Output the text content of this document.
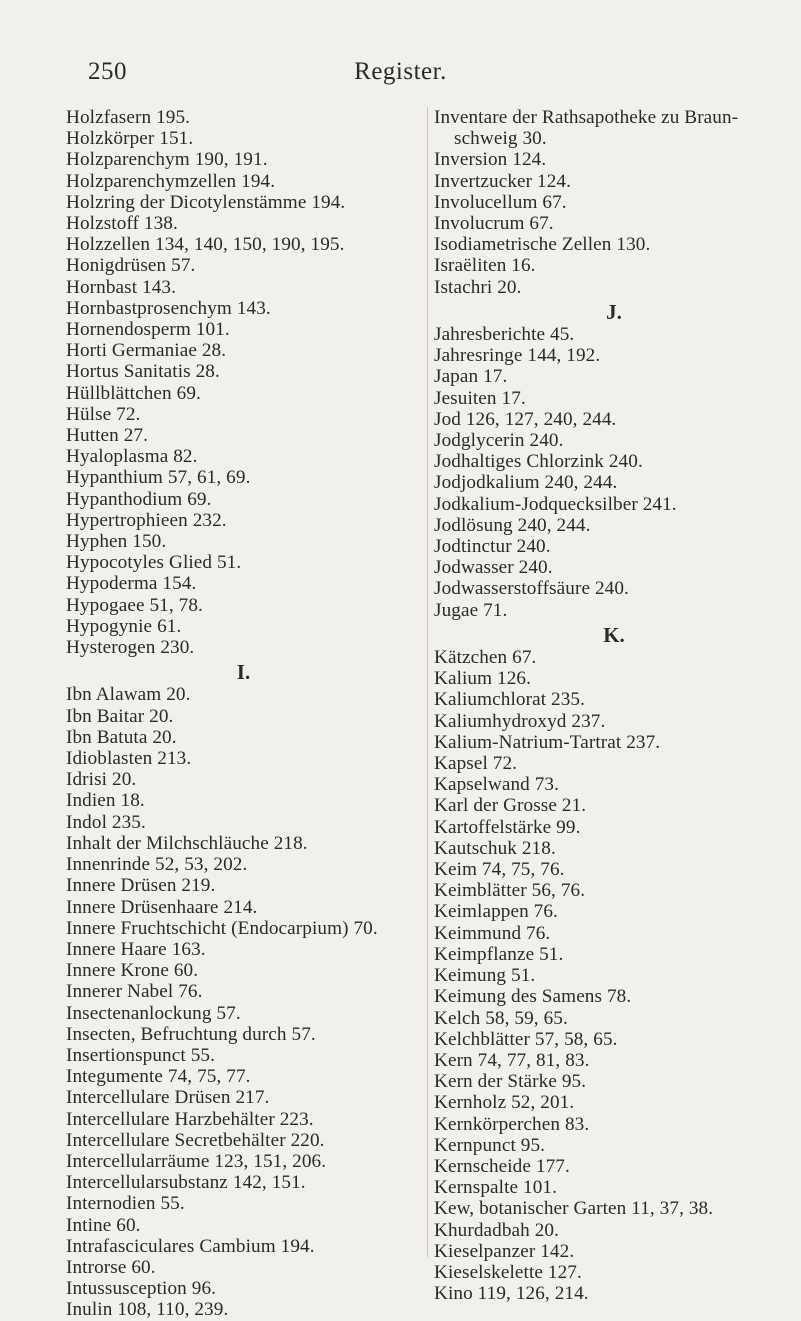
250	Register.
Holzfasern 195.
Holzkörper 151.
Holzparenchym 190, 191.
Holzparenchymzellen 194.
Holzring der Dicotylenstämme 194.
Holzstoff 138.
Holzzellen 134, 140, 150, 190, 195.
Honigdrüsen 57.
Hornbast 143.
Hornbastprosenchym 143.
Hornendosperm 101.
Horti Germaniae 28.
Hortus Sanitatis 28.
Hüllblättchen 69.
Hülse 72.
Hutten 27.
Hyaloplasma 82.
Hypanthium 57, 61, 69.
Hypanthodium 69.
Hypertrophieen 232.
Hyphen 150.
Hypocotyles Glied 51.
Hypoderma 154.
Hypogaee 51, 78.
Hypogynie 61.
Hysterogen 230.
I.
Ibn Alawam 20.
Ibn Baitar 20.
Ibn Batuta 20.
Idioblasten 213.
Idrisi 20.
Indien 18.
Indol 235.
Inhalt der Milchschläuche 218.
Innenrinde 52, 53, 202.
Innere Drüsen 219.
Innere Drüsenhaare 214.
Innere Fruchtschicht (Endocarpium) 70.
Innere Haare 163.
Innere Krone 60.
Innerer Nabel 76.
Insectenanlockung 57.
Insecten, Befruchtung durch 57.
Insertionspunct 55.
Integumente 74, 75, 77.
Intercellulare Drüsen 217.
Intercellulare Harzbehälter 223.
Intercellulare Secretbehälter 220.
Intercellularräume 123, 151, 206.
Intercellularsubstanz 142, 151.
Internodien 55.
Intine 60.
Intrafasciculares Cambium 194.
Introrse 60.
Intussusception 96.
Inulin 108, 110, 239.
Inventare der Rathsapotheke zu Braun-
schweig 30.
Inversion 124.
Invertzucker 124.
Involucellum 67.
Involucrum 67.
Isodiametrische Zellen 130.
Israëliten 16.
Istachri 20.
J.
Jahresberichte 45.
Jahresringe 144, 192.
Japan 17.
Jesuiten 17.
Jod 126, 127, 240, 244.
Jodglycerin 240.
Jodhaltiges Chlorzink 240.
Jodjodkalium 240, 244.
Jodkalium-Jodquecksilber 241.
Jodlösung 240, 244.
Jodtinctur 240.
Jodwasser 240.
Jodwasserstoffsäure 240.
Jugae 71.
K.
Kätzchen 67.
Kalium 126.
Kaliumchlorat 235.
Kaliumhydroxyd 237.
Kalium-Natrium-Tartrat 237.
Kapsel 72.
Kapselwand 73.
Karl der Grosse 21.
Kartoffelstärke 99.
Kautschuk 218.
Keim 74, 75, 76.
Keimblätter 56, 76.
Keimlappen 76.
Keimmund 76.
Keimpflanze 51.
Keimung 51.
Keimung des Samens 78.
Kelch 58, 59, 65.
Kelchblätter 57, 58, 65.
Kern 74, 77, 81, 83.
Kern der Stärke 95.
Kernholz 52, 201.
Kernkörperchen 83.
Kernpunct 95.
Kernscheide 177.
Kernspalte 101.
Kew, botanischer Garten 11, 37, 38.
Khurdadbah 20.
Kieselpanzer 142.
Kieselskelette 127.
Kino 119, 126, 214.
